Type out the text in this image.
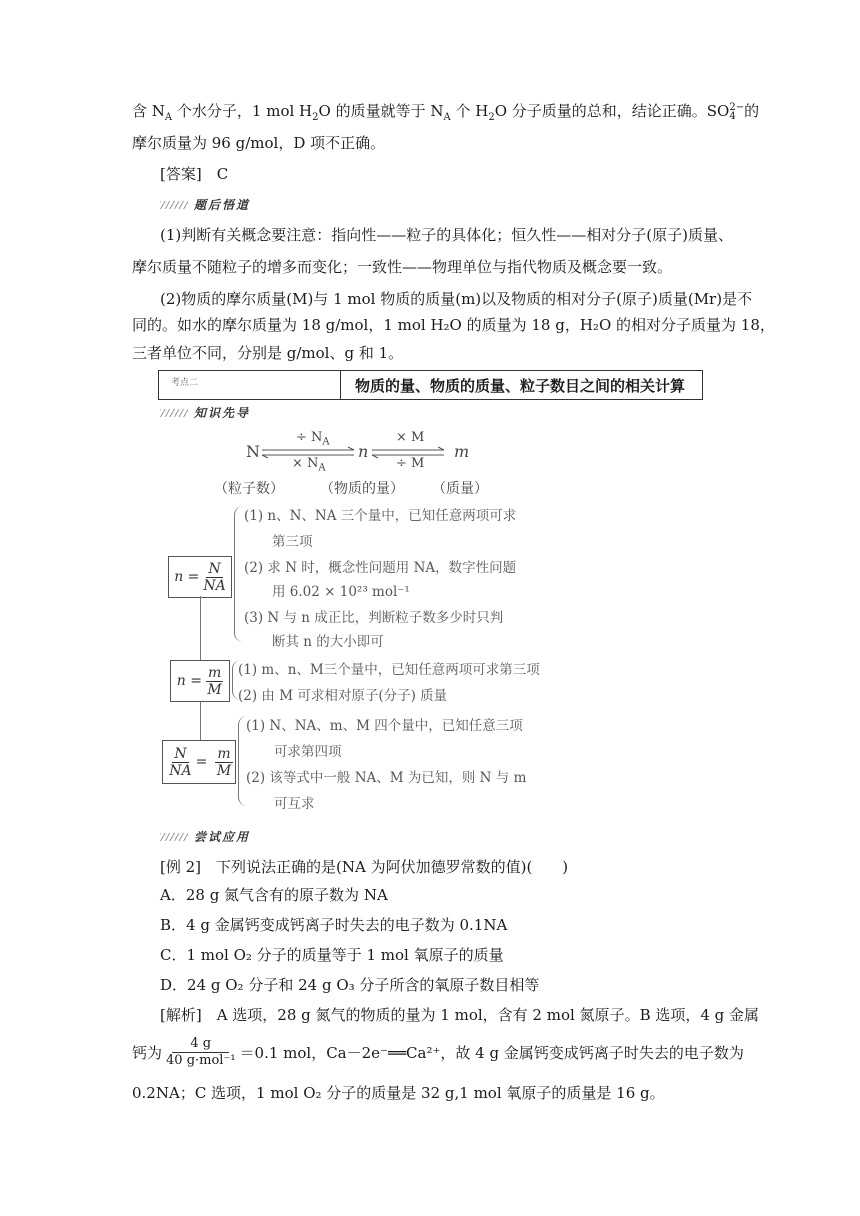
含 $N_A$ 个水分子，1 mol $H_2O$ 的质量就等于 $N_A$ 个 $H_2O$ 分子质量的总和，结论正确。SO 2−
4 的
摩尔质量为 96 g/mol，D 项不正确。
[答案]　C
题后悟道
(1)判断有关概念要注意：指向性——粒子的具体化；恒久性——相对分子(原子)质量、
摩尔质量不随粒子的增多而变化；一致性——物理单位与指代物质及概念要一致。
(2)物质的摩尔质量(M)与 1 mol 物质的质量(m)以及物质的相对分子(原子)质量(Mr)是不
同的。如水的摩尔质量为 18 g/mol，1 mol H₂O 的质量为 18 g，H₂O 的相对分子质量为 18，
三者单位不同，分别是 g/mol、g 和 1。
考点二	物质的量、物质的质量、粒子数目之间的相关计算
知识先导
N
÷ $N_A$
× $N_A$
n
× M
÷ M
m
（粒子数）	（物质的量） （质量）
$n = \frac{N}{NA}$
(1) n、N、NA 三个量中，已知任意两项可求
第三项
(2) 求 N 时，概念性问题用 NA，数字性问题
用 6.02 × 10²³ mol⁻¹
(3) N 与 n 成正比，判断粒子数多少时只判
断其 n 的大小即可
$n = \frac{m}{M} (1)$ m、n、M三个量中，已知任意两项可求第三项
(2) 由 M 可求相对原子(分子) 质量
$\frac{N}{NA} = \frac{m}{M}$
(1) N、NA、m、M 四个量中，已知任意三项
可求第四项
(2) 该等式中一般 NA、M 为已知，则 N 与 m
可互求
尝试应用
[例 2]　下列说法正确的是(NA 为阿伏加德罗常数的值)(　　)
A．28 g 氮气含有的原子数为 NA
B．4 g 金属钙变成钙离子时失去的电子数为 0.1NA
C．1 mol O₂ 分子的质量等于 1 mol 氧原子的质量
D．24 g O₂ 分子和 24 g O₃ 分子所含的氧原子数目相等
[解析]　A 选项，28 g 氮气的物质的量为 1 mol，含有 2 mol 氮原子。B 选项，4 g 金属
钙为 $\frac{4 g}{\text{40 g·mol⁻¹}} =0.1$ mol，Ca－2e⁻══Ca²⁺，故 4 g 金属钙变成钙离子时失去的电子数为
0.2NA；C 选项，1 mol O₂ 分子的质量是 32 g,1 mol 氧原子的质量是 16 g。
